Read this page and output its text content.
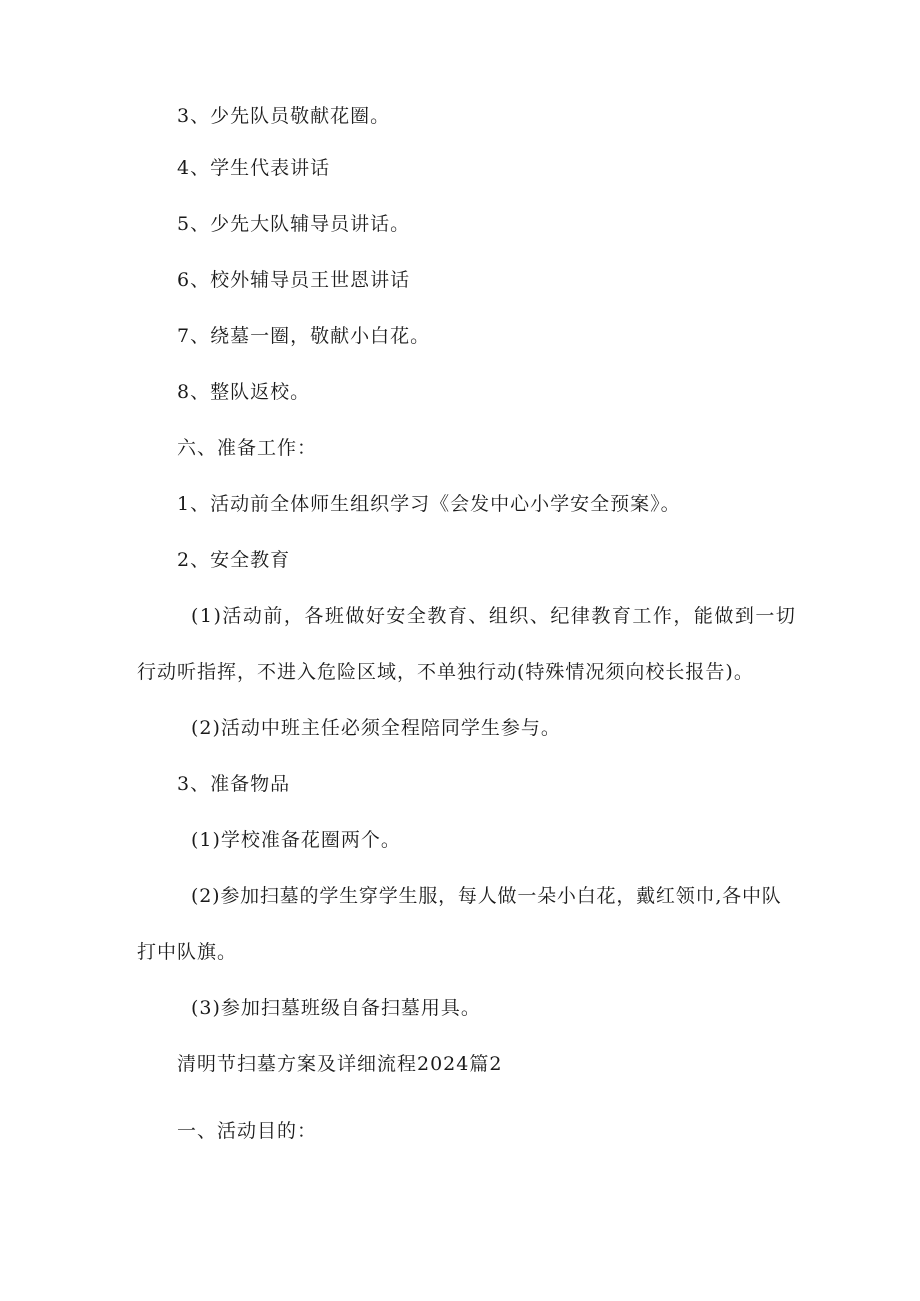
3、少先队员敬献花圈。
4、学生代表讲话
5、少先大队辅导员讲话。
6、校外辅导员王世恩讲话
7、绕墓一圈，敬献小白花。
8、整队返校。
六、准备工作：
1、活动前全体师生组织学习《会发中心小学安全预案》。
2、安全教育
(1)活动前，各班做好安全教育、组织、纪律教育工作，能做到一切
行动听指挥，不进入危险区域，不单独行动(特殊情况须向校长报告)。
(2)活动中班主任必须全程陪同学生参与。
3、准备物品
(1)学校准备花圈两个。
(2)参加扫墓的学生穿学生服，每人做一朵小白花，戴红领巾,各中队
打中队旗。
(3)参加扫墓班级自备扫墓用具。
清明节扫墓方案及详细流程2024篇2
一、活动目的：
